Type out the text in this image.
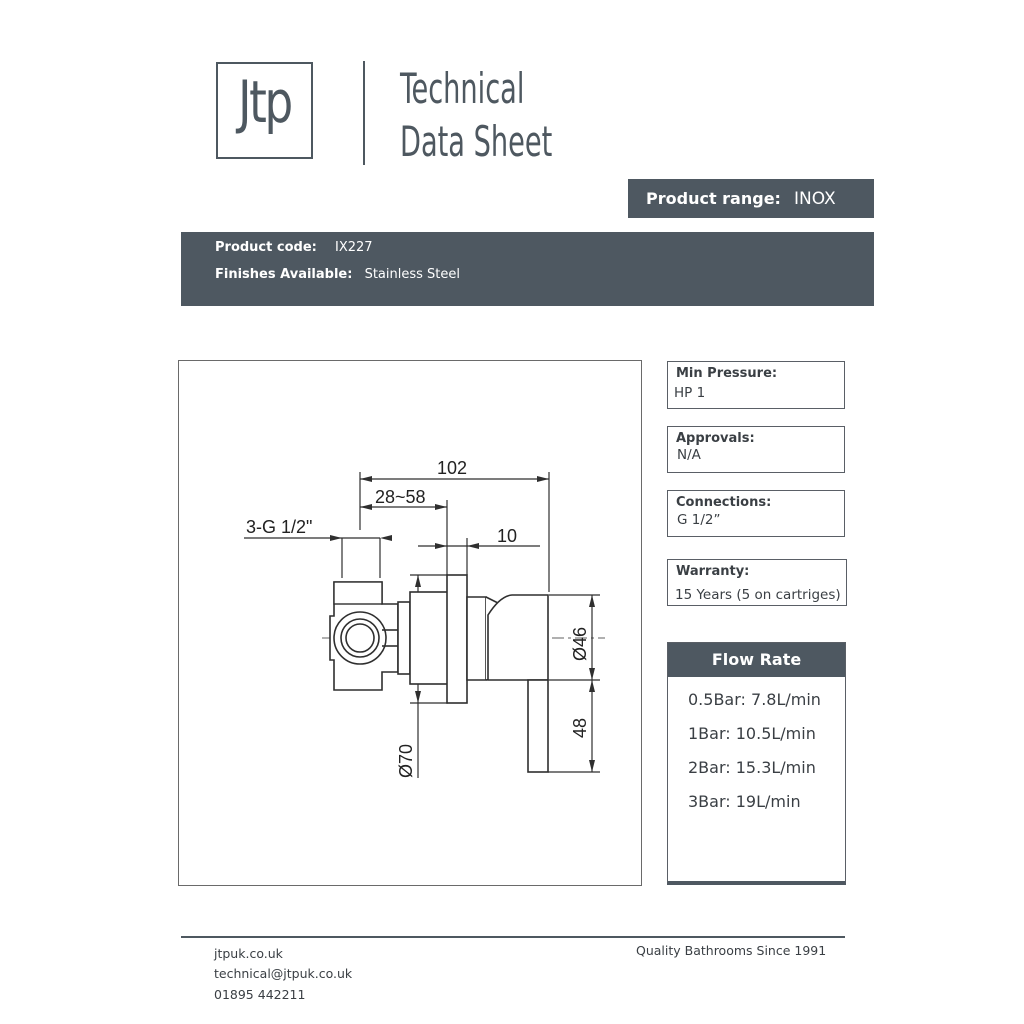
Jtp	Technical
Data Sheet
Product range: INOX
Product code: IX227
Finishes Available: Stainless Steel
102
28~58
3-G 1/2"	10
Ø46
48
Ø70
Min Pressure:
HP 1
Approvals:
N/A
Connections:
G 1/2”
Warranty:
15 Years (5 on cartriges)
Flow Rate
0.5Bar: 7.8L/min
1Bar: 10.5L/min
2Bar: 15.3L/min
3Bar: 19L/min
jtpuk.co.uk
technical@jtpuk.co.uk
01895 442211
Quality Bathrooms Since 1991
